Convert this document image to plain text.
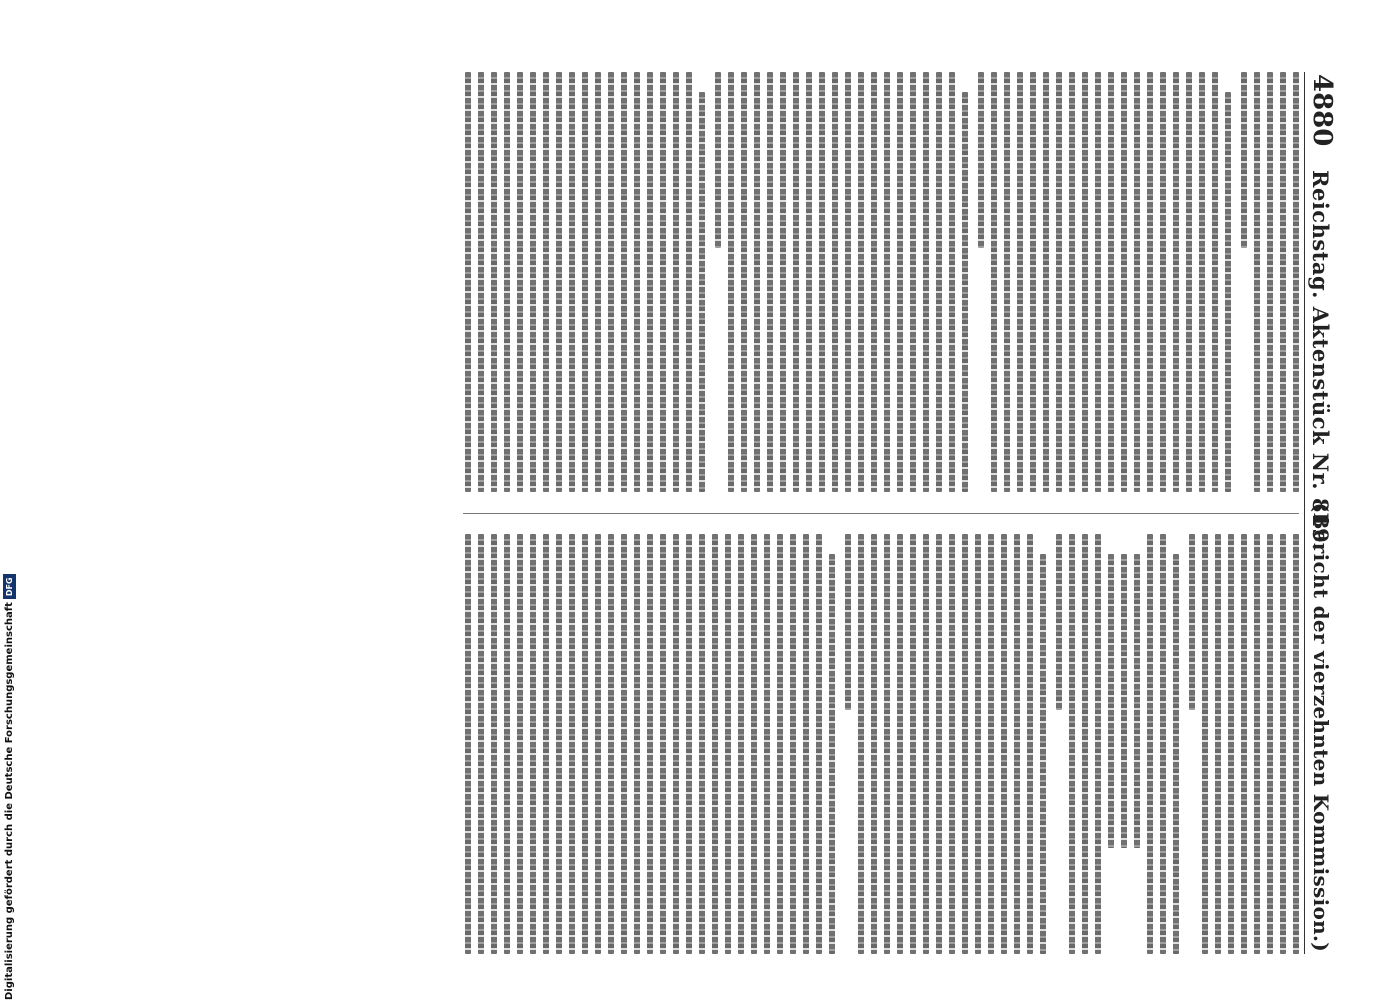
4880
Reichstag. Aktenstück Nr. 819.
(Bericht der vierzehnten Kommission.)
Digitalisierung gefördert durch die Deutsche Forschungsgemeinschaft
DFG
